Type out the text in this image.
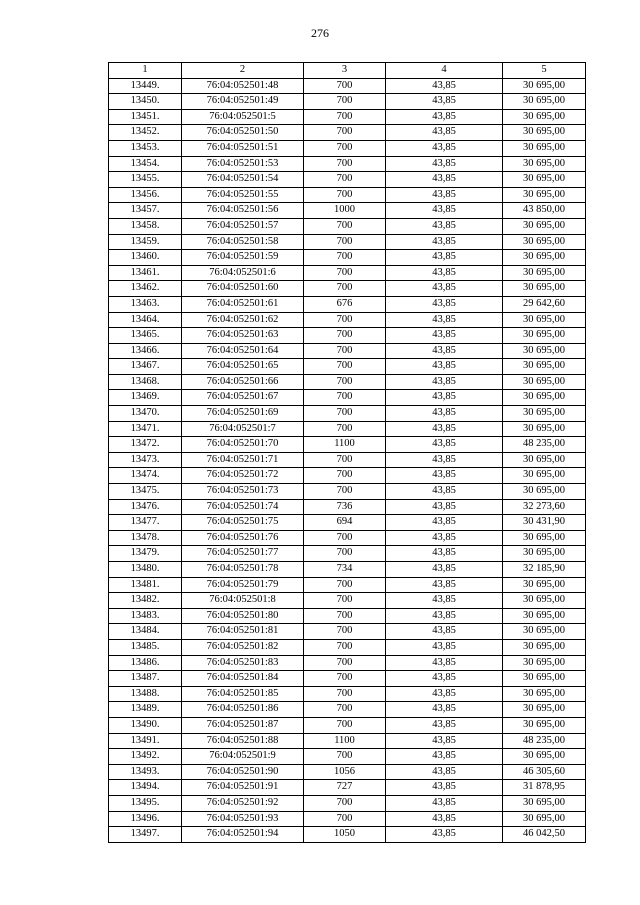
276
1	2	3	4	5
13449.	76:04:052501:48	700	43,85	30 695,00
13450.	76:04:052501:49	700	43,85	30 695,00
13451.	76:04:052501:5	700	43,85	30 695,00
13452.	76:04:052501:50	700	43,85	30 695,00
13453.	76:04:052501:51	700	43,85	30 695,00
13454.	76:04:052501:53	700	43,85	30 695,00
13455.	76:04:052501:54	700	43,85	30 695,00
13456.	76:04:052501:55	700	43,85	30 695,00
13457.	76:04:052501:56	1000	43,85	43 850,00
13458.	76:04:052501:57	700	43,85	30 695,00
13459.	76:04:052501:58	700	43,85	30 695,00
13460.	76:04:052501:59	700	43,85	30 695,00
13461.	76:04:052501:6	700	43,85	30 695,00
13462.	76:04:052501:60	700	43,85	30 695,00
13463.	76:04:052501:61	676	43,85	29 642,60
13464.	76:04:052501:62	700	43,85	30 695,00
13465.	76:04:052501:63	700	43,85	30 695,00
13466.	76:04:052501:64	700	43,85	30 695,00
13467.	76:04:052501:65	700	43,85	30 695,00
13468.	76:04:052501:66	700	43,85	30 695,00
13469.	76:04:052501:67	700	43,85	30 695,00
13470.	76:04:052501:69	700	43,85	30 695,00
13471.	76:04:052501:7	700	43,85	30 695,00
13472.	76:04:052501:70	1100	43,85	48 235,00
13473.	76:04:052501:71	700	43,85	30 695,00
13474.	76:04:052501:72	700	43,85	30 695,00
13475.	76:04:052501:73	700	43,85	30 695,00
13476.	76:04:052501:74	736	43,85	32 273,60
13477.	76:04:052501:75	694	43,85	30 431,90
13478.	76:04:052501:76	700	43,85	30 695,00
13479.	76:04:052501:77	700	43,85	30 695,00
13480.	76:04:052501:78	734	43,85	32 185,90
13481.	76:04:052501:79	700	43,85	30 695,00
13482.	76:04:052501:8	700	43,85	30 695,00
13483.	76:04:052501:80	700	43,85	30 695,00
13484.	76:04:052501:81	700	43,85	30 695,00
13485.	76:04:052501:82	700	43,85	30 695,00
13486.	76:04:052501:83	700	43,85	30 695,00
13487.	76:04:052501:84	700	43,85	30 695,00
13488.	76:04:052501:85	700	43,85	30 695,00
13489.	76:04:052501:86	700	43,85	30 695,00
13490.	76:04:052501:87	700	43,85	30 695,00
13491.	76:04:052501:88	1100	43,85	48 235,00
13492.	76:04:052501:9	700	43,85	30 695,00
13493.	76:04:052501:90	1056	43,85	46 305,60
13494.	76:04:052501:91	727	43,85	31 878,95
13495.	76:04:052501:92	700	43,85	30 695,00
13496.	76:04:052501:93	700	43,85	30 695,00
13497.	76:04:052501:94	1050	43,85	46 042,50
